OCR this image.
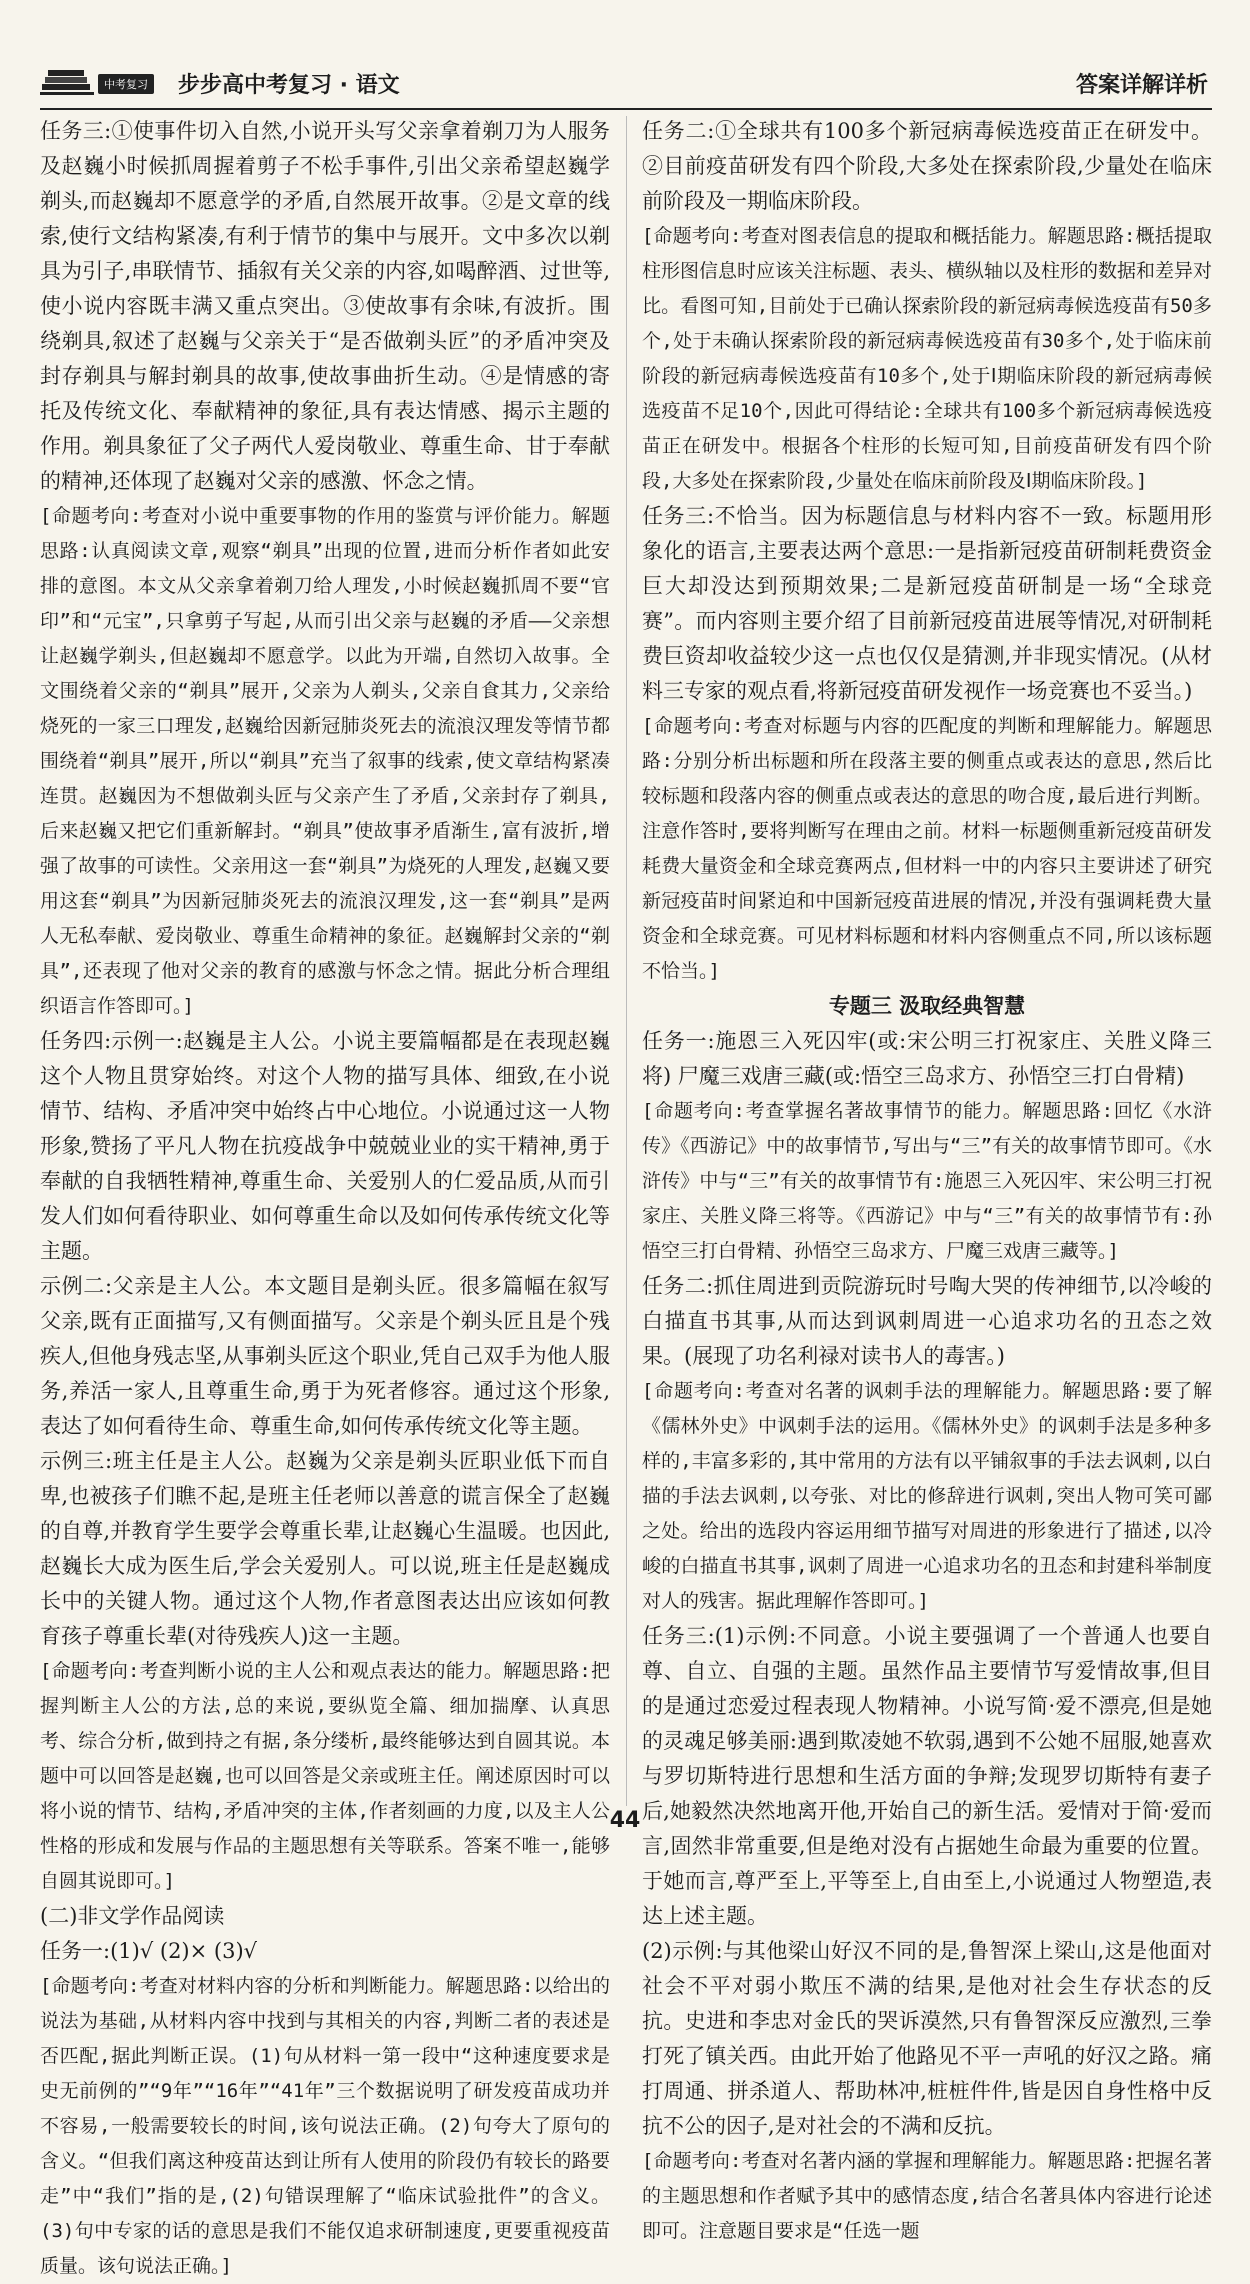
中考复习 步步高中考复习 · 语文	答案详解详析

任务三:①使事件切入自然,小说开头写父亲拿着剃刀为人服务及赵巍小时候抓周握着剪子不松手事件,引出父亲希望赵巍学剃头,而赵巍却不愿意学的矛盾,自然展开故事。②是文章的线索,使行文结构紧凑,有利于情节的集中与展开。文中多次以剃具为引子,串联情节、插叙有关父亲的内容,如喝醉酒、过世等,使小说内容既丰满又重点突出。③使故事有余味,有波折。围绕剃具,叙述了赵巍与父亲关于“是否做剃头匠”的矛盾冲突及封存剃具与解封剃具的故事,使故事曲折生动。④是情感的寄托及传统文化、奉献精神的象征,具有表达情感、揭示主题的作用。剃具象征了父子两代人爱岗敬业、尊重生命、甘于奉献的精神,还体现了赵巍对父亲的感激、怀念之情。

[命题考向:考查对小说中重要事物的作用的鉴赏与评价能力。解题思路:认真阅读文章,观察“剃具”出现的位置,进而分析作者如此安排的意图。本文从父亲拿着剃刀给人理发,小时候赵巍抓周不要“官印”和“元宝”,只拿剪子写起,从而引出父亲与赵巍的矛盾——父亲想让赵巍学剃头,但赵巍却不愿意学。以此为开端,自然切入故事。全文围绕着父亲的“剃具”展开,父亲为人剃头,父亲自食其力,父亲给烧死的一家三口理发,赵巍给因新冠肺炎死去的流浪汉理发等情节都围绕着“剃具”展开,所以“剃具”充当了叙事的线索,使文章结构紧凑连贯。赵巍因为不想做剃头匠与父亲产生了矛盾,父亲封存了剃具,后来赵巍又把它们重新解封。“剃具”使故事矛盾渐生,富有波折,增强了故事的可读性。父亲用这一套“剃具”为烧死的人理发,赵巍又要用这套“剃具”为因新冠肺炎死去的流浪汉理发,这一套“剃具”是两人无私奉献、爱岗敬业、尊重生命精神的象征。赵巍解封父亲的“剃具”,还表现了他对父亲的教育的感激与怀念之情。据此分析合理组织语言作答即可。]

任务四:示例一:赵巍是主人公。小说主要篇幅都是在表现赵巍这个人物且贯穿始终。对这个人物的描写具体、细致,在小说情节、结构、矛盾冲突中始终占中心地位。小说通过这一人物形象,赞扬了平凡人物在抗疫战争中兢兢业业的实干精神,勇于奉献的自我牺牲精神,尊重生命、关爱别人的仁爱品质,从而引发人们如何看待职业、如何尊重生命以及如何传承传统文化等主题。

示例二:父亲是主人公。本文题目是剃头匠。很多篇幅在叙写父亲,既有正面描写,又有侧面描写。父亲是个剃头匠且是个残疾人,但他身残志坚,从事剃头匠这个职业,凭自己双手为他人服务,养活一家人,且尊重生命,勇于为死者修容。通过这个形象,表达了如何看待生命、尊重生命,如何传承传统文化等主题。

示例三:班主任是主人公。赵巍为父亲是剃头匠职业低下而自卑,也被孩子们瞧不起,是班主任老师以善意的谎言保全了赵巍的自尊,并教育学生要学会尊重长辈,让赵巍心生温暖。也因此,赵巍长大成为医生后,学会关爱别人。可以说,班主任是赵巍成长中的关键人物。通过这个人物,作者意图表达出应该如何教育孩子尊重长辈(对待残疾人)这一主题。

[命题考向:考查判断小说的主人公和观点表达的能力。解题思路:把握判断主人公的方法,总的来说,要纵览全篇、细加揣摩、认真思考、综合分析,做到持之有据,条分缕析,最终能够达到自圆其说。本题中可以回答是赵巍,也可以回答是父亲或班主任。阐述原因时可以将小说的情节、结构,矛盾冲突的主体,作者刻画的力度,以及主人公性格的形成和发展与作品的主题思想有关等联系。答案不唯一,能够自圆其说即可。]

(二)非文学作品阅读

任务一:(1)√ (2)× (3)√

[命题考向:考查对材料内容的分析和判断能力。解题思路:以给出的说法为基础,从材料内容中找到与其相关的内容,判断二者的表述是否匹配,据此判断正误。(1)句从材料一第一段中“这种速度要求是史无前例的”“9年”“16年”“41年”三个数据说明了研发疫苗成功并不容易,一般需要较长的时间,该句说法正确。(2)句夸大了原句的含义。“但我们离这种疫苗达到让所有人使用的阶段仍有较长的路要走”中“我们”指的是,(2)句错误理解了“临床试验批件”的含义。(3)句中专家的话的意思是我们不能仅追求研制速度,更要重视疫苗质量。该句说法正确。]

任务二:①全球共有100多个新冠病毒候选疫苗正在研发中。②目前疫苗研发有四个阶段,大多处在探索阶段,少量处在临床前阶段及一期临床阶段。

[命题考向:考查对图表信息的提取和概括能力。解题思路:概括提取柱形图信息时应该关注标题、表头、横纵轴以及柱形的数据和差异对比。看图可知,目前处于已确认探索阶段的新冠病毒候选疫苗有50多个,处于未确认探索阶段的新冠病毒候选疫苗有30多个,处于临床前阶段的新冠病毒候选疫苗有10多个,处于Ⅰ期临床阶段的新冠病毒候选疫苗不足10个,因此可得结论:全球共有100多个新冠病毒候选疫苗正在研发中。根据各个柱形的长短可知,目前疫苗研发有四个阶段,大多处在探索阶段,少量处在临床前阶段及Ⅰ期临床阶段。]

任务三:不恰当。因为标题信息与材料内容不一致。标题用形象化的语言,主要表达两个意思:一是指新冠疫苗研制耗费资金巨大却没达到预期效果;二是新冠疫苗研制是一场“全球竞赛”。而内容则主要介绍了目前新冠疫苗进展等情况,对研制耗费巨资却收益较少这一点也仅仅是猜测,并非现实情况。(从材料三专家的观点看,将新冠疫苗研发视作一场竞赛也不妥当。)

[命题考向:考查对标题与内容的匹配度的判断和理解能力。解题思路:分别分析出标题和所在段落主要的侧重点或表达的意思,然后比较标题和段落内容的侧重点或表达的意思的吻合度,最后进行判断。注意作答时,要将判断写在理由之前。材料一标题侧重新冠疫苗研发耗费大量资金和全球竞赛两点,但材料一中的内容只主要讲述了研究新冠疫苗时间紧迫和中国新冠疫苗进展的情况,并没有强调耗费大量资金和全球竞赛。可见材料标题和材料内容侧重点不同,所以该标题不恰当。]

专题三 汲取经典智慧

任务一:施恩三入死囚牢(或:宋公明三打祝家庄、关胜义降三将) 尸魔三戏唐三藏(或:悟空三岛求方、孙悟空三打白骨精)

[命题考向:考查掌握名著故事情节的能力。解题思路:回忆《水浒传》《西游记》中的故事情节,写出与“三”有关的故事情节即可。《水浒传》中与“三”有关的故事情节有:施恩三入死囚牢、宋公明三打祝家庄、关胜义降三将等。《西游记》中与“三”有关的故事情节有:孙悟空三打白骨精、孙悟空三岛求方、尸魔三戏唐三藏等。]

任务二:抓住周进到贡院游玩时号啕大哭的传神细节,以冷峻的白描直书其事,从而达到讽刺周进一心追求功名的丑态之效果。(展现了功名利禄对读书人的毒害。)

[命题考向:考查对名著的讽刺手法的理解能力。解题思路:要了解《儒林外史》中讽刺手法的运用。《儒林外史》的讽刺手法是多种多样的,丰富多彩的,其中常用的方法有以平铺叙事的手法去讽刺,以白描的手法去讽刺,以夸张、对比的修辞进行讽刺,突出人物可笑可鄙之处。给出的选段内容运用细节描写对周进的形象进行了描述,以冷峻的白描直书其事,讽刺了周进一心追求功名的丑态和封建科举制度对人的残害。据此理解作答即可。]

任务三:(1)示例:不同意。小说主要强调了一个普通人也要自尊、自立、自强的主题。虽然作品主要情节写爱情故事,但目的是通过恋爱过程表现人物精神。小说写简·爱不漂亮,但是她的灵魂足够美丽:遇到欺凌她不软弱,遇到不公她不屈服,她喜欢与罗切斯特进行思想和生活方面的争辩;发现罗切斯特有妻子后,她毅然决然地离开他,开始自己的新生活。爱情对于简·爱而言,固然非常重要,但是绝对没有占据她生命最为重要的位置。于她而言,尊严至上,平等至上,自由至上,小说通过人物塑造,表达上述主题。

(2)示例:与其他梁山好汉不同的是,鲁智深上梁山,这是他面对社会不平对弱小欺压不满的结果,是他对社会生存状态的反抗。史进和李忠对金氏的哭诉漠然,只有鲁智深反应激烈,三拳打死了镇关西。由此开始了他路见不平一声吼的好汉之路。痛打周通、拼杀道人、帮助林冲,桩桩件件,皆是因自身性格中反抗不公的因子,是对社会的不满和反抗。

[命题考向:考查对名著内涵的掌握和理解能力。解题思路:把握名著的主题思想和作者赋予其中的感情态度,结合名著具体内容进行论述即可。注意题目要求是“任选一题

44
